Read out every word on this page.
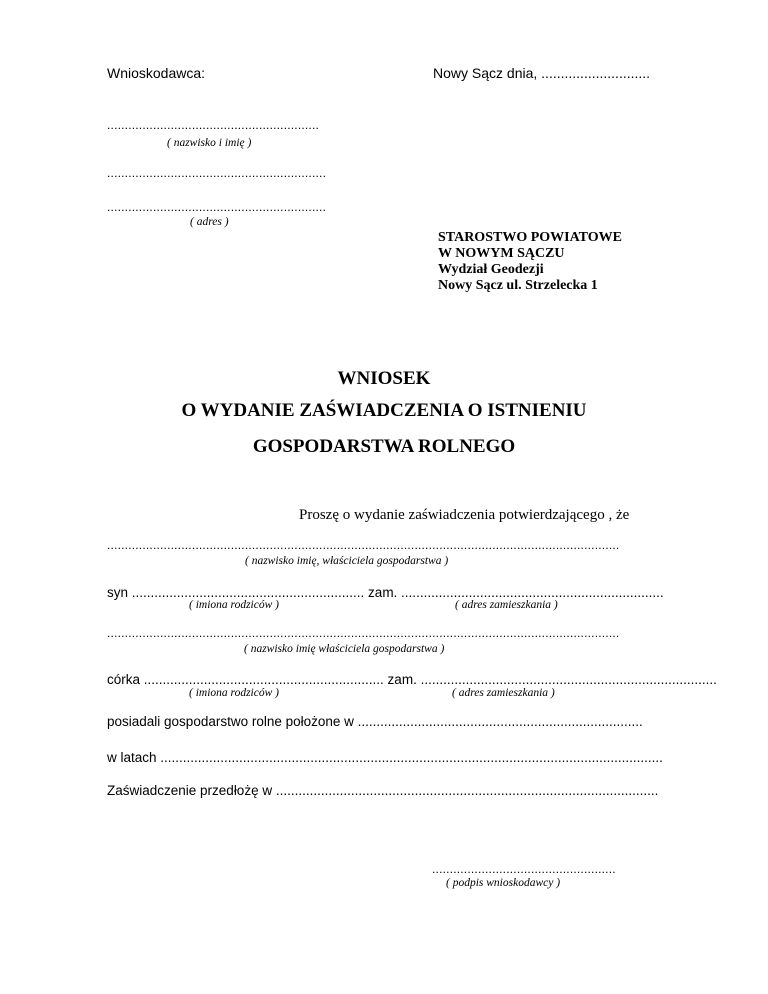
Wnioskodawca:	Nowy Sącz dnia, ............................
............................................................
( nazwisko i imię )
..............................................................
..............................................................
( adres )
STAROSTWO POWIATOWE
W NOWYM SĄCZU
Wydział Geodezji
Nowy Sącz ul. Strzelecka 1
WNIOSEK
O WYDANIE ZAŚWIADCZENIA O ISTNIENIU
GOSPODARSTWA ROLNEGO
Proszę o wydanie zaświadczenia potwierdzającego , że
.................................................................................................................................................
( nazwisko imię, właściciela gospodarstwa )
syn .............................................................. zam. ......................................................................
( imiona rodziców )	( adres zamieszkania )
.................................................................................................................................................
( nazwisko imię właściciela gospodarstwa )
córka ................................................................ zam. ...............................................................................
( imiona rodziców )	( adres zamieszkania )
posiadali gospodarstwo rolne położone w ............................................................................
w latach ......................................................................................................................................
Zaświadczenie przedłożę w ......................................................................................................
....................................................
( podpis wnioskodawcy )
